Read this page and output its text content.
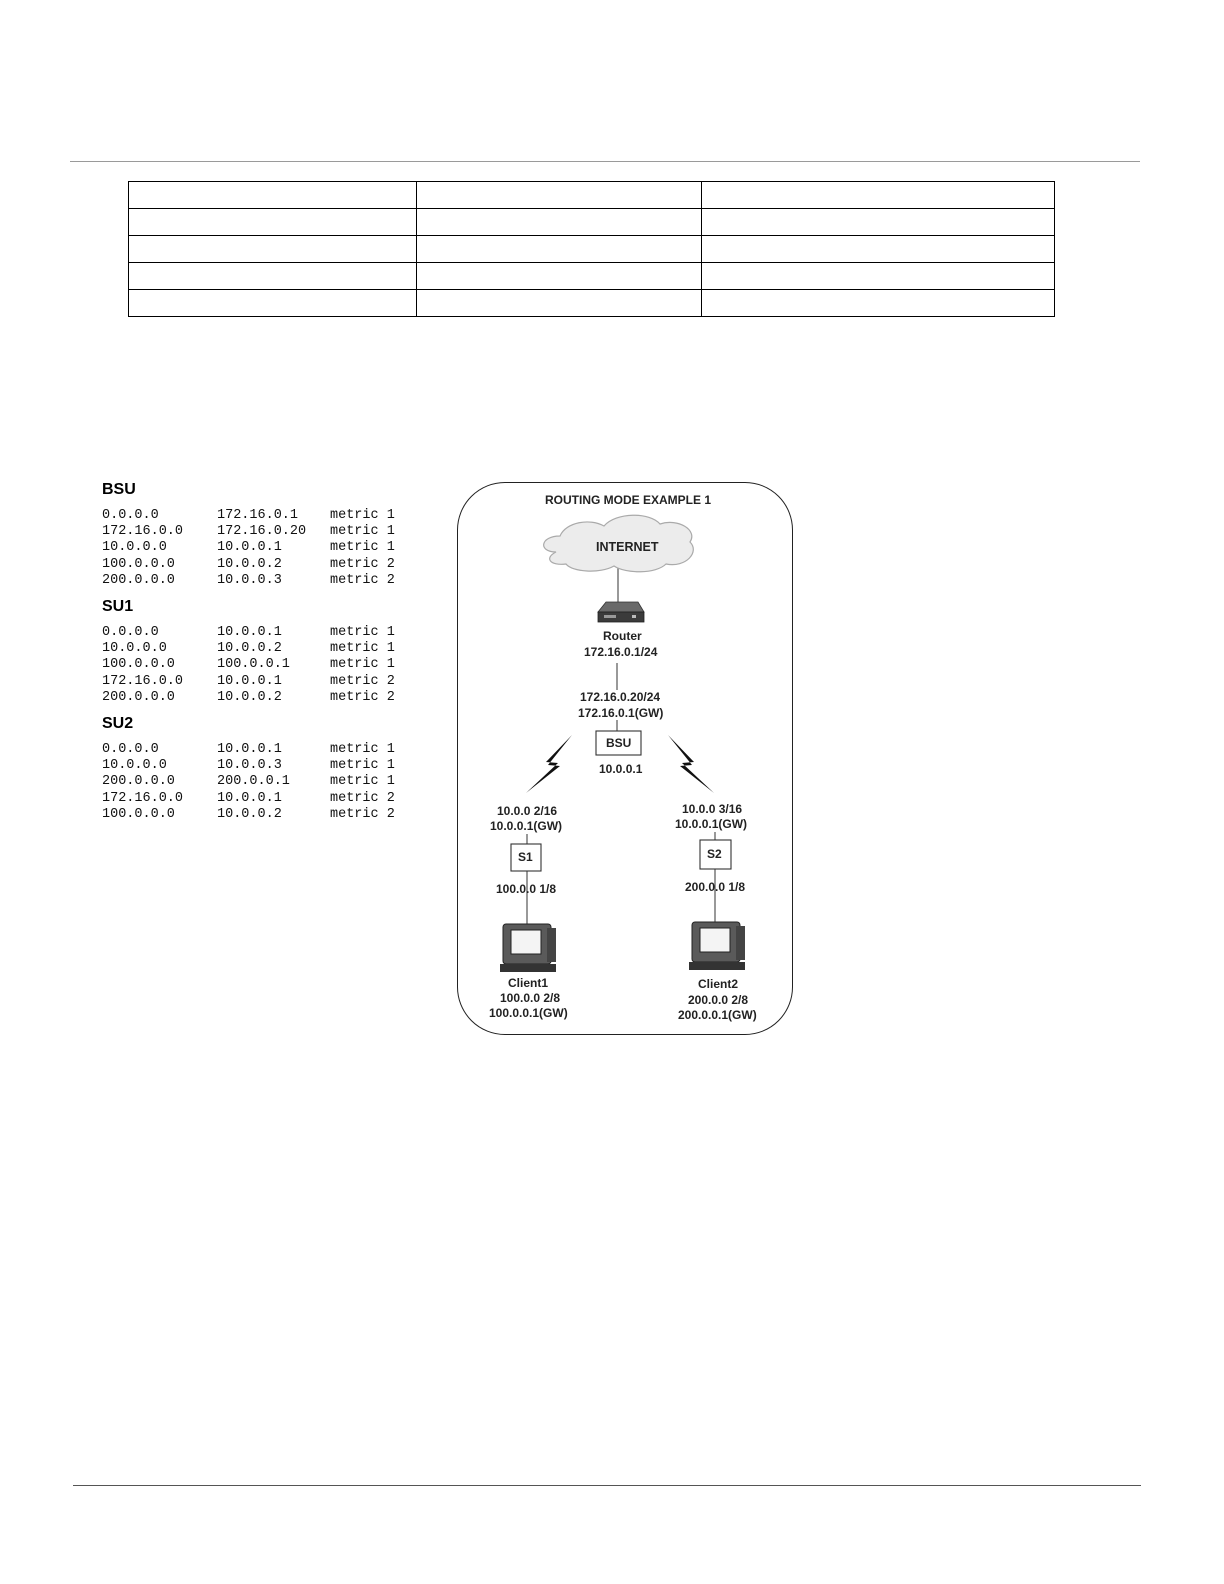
BSU
0.0.0.0	172.16.0.1	metric 1
172.16.0.0	172.16.0.20	metric 1
10.0.0.0	10.0.0.1	metric 1
100.0.0.0	10.0.0.2	metric 2
200.0.0.0	10.0.0.3	metric 2
SU1
0.0.0.0	10.0.0.1	metric 1
10.0.0.0	10.0.0.2	metric 1
100.0.0.0	100.0.0.1	metric 1
172.16.0.0	10.0.0.1	metric 2
200.0.0.0	10.0.0.2	metric 2
SU2
0.0.0.0	10.0.0.1	metric 1
10.0.0.0	10.0.0.3	metric 1
200.0.0.0	200.0.0.1	metric 1
172.16.0.0	10.0.0.1	metric 2
100.0.0.0	10.0.0.2	metric 2
ROUTING MODE EXAMPLE 1
INTERNET
Router
172.16.0.1/24
172.16.0.20/24
172.16.0.1(GW)
BSU
10.0.0.1
10.0.0 2/16
10.0.0.1(GW)
S1
100.0.0 1/8
10.0.0 3/16
10.0.0.1(GW)
S2
200.0.0 1/8
Client1
100.0.0 2/8
100.0.0.1(GW)
Client2
200.0.0 2/8
200.0.0.1(GW)
